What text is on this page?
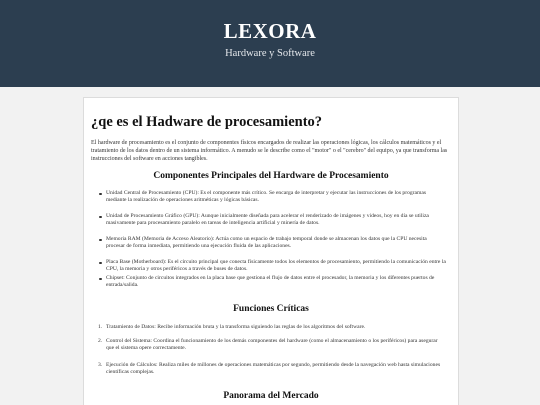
LEXORA
Hardware y Software
¿qe es el Hadware de procesamiento?

El hardware de procesamiento es el conjunto de componentes físicos encargados de realizar las operaciones lógicas, los cálculos matemáticos y el tratamiento de los datos dentro de un sistema informático. A menudo se le describe como el "motor" o el "cerebro" del equipo, ya que transforma las instrucciones del software en acciones tangibles.

Componentes Principales del Hardware de Procesamiento
Unidad Central de Procesamiento (CPU): Es el componente más crítico. Se encarga de interpretar y ejecutar las instrucciones de los programas mediante la realización de operaciones aritméticas y lógicas básicas.
Unidad de Procesamiento Gráfico (GPU): Aunque inicialmente diseñada para acelerar el renderizado de imágenes y videos, hoy en día se utiliza masivamente para procesamiento paralelo en tareas de inteligencia artificial y minería de datos.
Memoria RAM (Memoria de Acceso Aleatorio): Actúa como un espacio de trabajo temporal donde se almacenan los datos que la CPU necesita procesar de forma inmediata, permitiendo una ejecución fluida de las aplicaciones.
Placa Base (Motherboard): Es el circuito principal que conecta físicamente todos los elementos de procesamiento, permitiendo la comunicación entre la CPU, la memoria y otros periféricos a través de buses de datos.
Chipset: Conjunto de circuitos integrados en la placa base que gestiona el flujo de datos entre el procesador, la memoria y los diferentes puertos de entrada/salida.
Funciones Críticas
1. Tratamiento de Datos: Recibe información bruta y la transforma siguiendo las reglas de los algoritmos del software.
2. Control del Sistema: Coordina el funcionamiento de los demás componentes del hardware (como el almacenamiento o los periféricos) para asegurar que el sistema opere correctamente.
3. Ejecución de Cálculos: Realiza miles de millones de operaciones matemáticas por segundo, permitiendo desde la navegación web hasta simulaciones científicas complejas.
Panorama del Mercado
